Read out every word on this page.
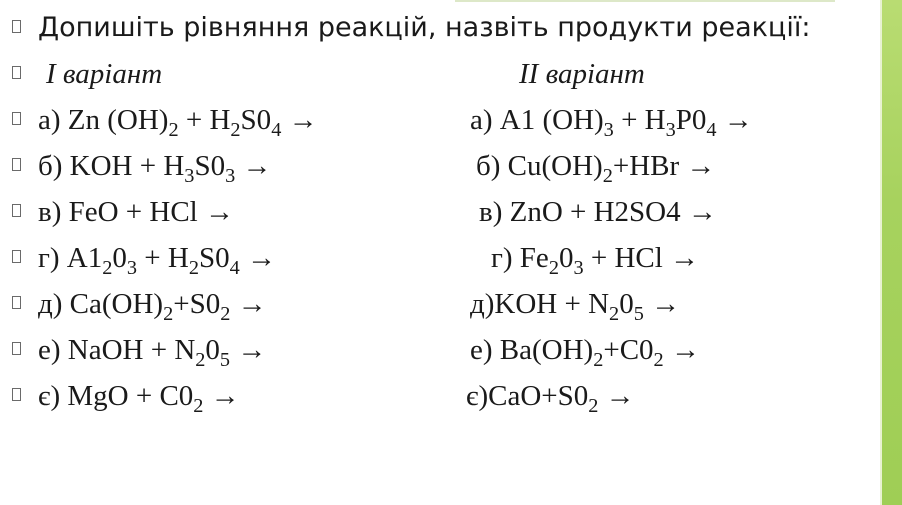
Допишіть рівняння реакцій, назвіть продукти реакції:
І варіант	ІІ варіант
а) Zn $(OH)_2 + H_2S0_4$ →	а) A1 $(OH)_3 + H_3P0_4$ →
б) KOH + $H_3S0_3$ →	б) $Cu(OH)_2+HBr$ →
в) FeO + HCl →	в) ZnO + H2SO4 →
г) $A1_20_3 + H_2S0_4$ →	г) $Fe_20_3$ + HCl →
д) $Ca(OH)_2+S0_2$ →	$д)KOH + N_20_5$ →
е) NaOH + $N_20_5$ →	е) $Ba(OH)_2+C0_2$ →
є) MgO + $C0_2$ →	$є)CaO+S0_2$ →
